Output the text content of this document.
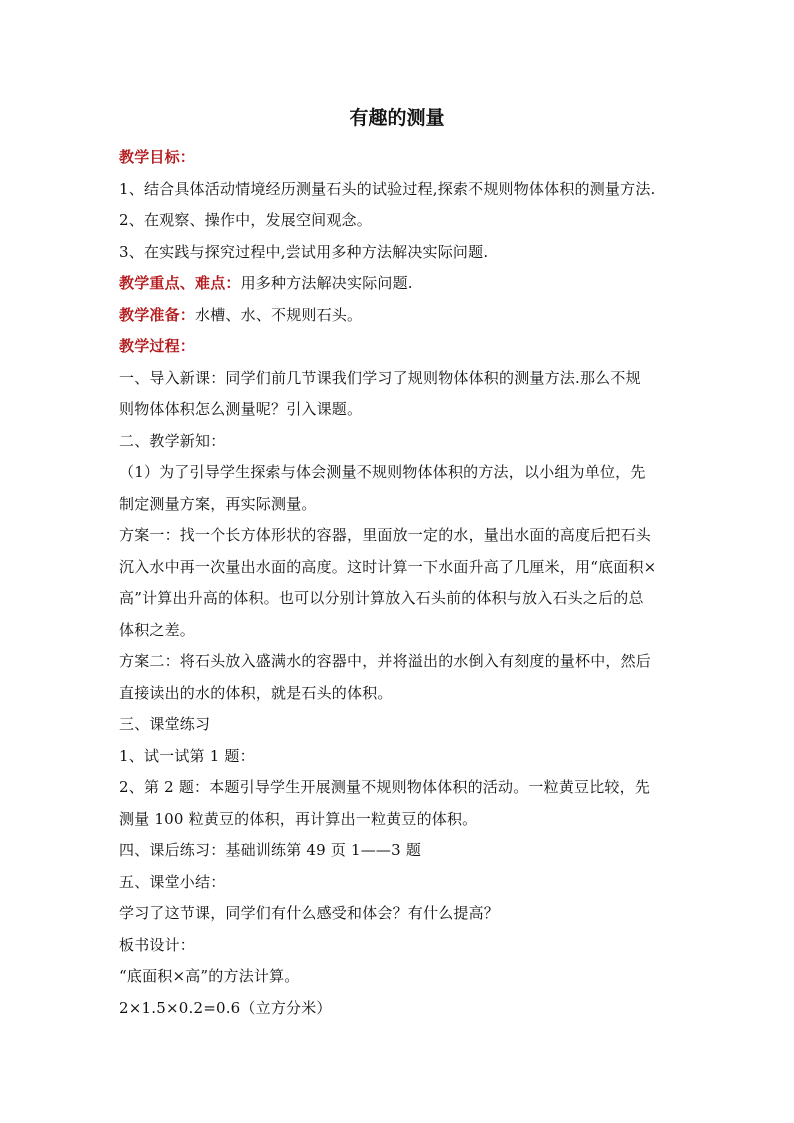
有趣的测量
教学目标：
1、结合具体活动情境经历测量石头的试验过程,探索不规则物体体积的测量方法.
2、在观察、操作中，发展空间观念。
3、在实践与探究过程中,尝试用多种方法解决实际问题.
教学重点、难点：用多种方法解决实际问题.
教学准备：水槽、水、不规则石头。
教学过程：
一、导入新课：同学们前几节课我们学习了规则物体体积的测量方法.那么不规
则物体体积怎么测量呢？引入课题。
二、教学新知：
（1）为了引导学生探索与体会测量不规则物体体积的方法，以小组为单位，先
制定测量方案，再实际测量。
方案一：找一个长方体形状的容器，里面放一定的水，量出水面的高度后把石头
沉入水中再一次量出水面的高度。这时计算一下水面升高了几厘米，用“底面积×
高”计算出升高的体积。也可以分别计算放入石头前的体积与放入石头之后的总
体积之差。
方案二：将石头放入盛满水的容器中，并将溢出的水倒入有刻度的量杯中，然后
直接读出的水的体积，就是石头的体积。
三、课堂练习
1、试一试第 1 题：
2、第 2 题：本题引导学生开展测量不规则物体体积的活动。一粒黄豆比较，先
测量 100 粒黄豆的体积，再计算出一粒黄豆的体积。
四、课后练习：基础训练第 49 页 1——3 题
五、课堂小结：
学习了这节课，同学们有什么感受和体会？有什么提高？
板书设计：
“底面积×高”的方法计算。
2×1.5×0.2=0.6（立方分米）
